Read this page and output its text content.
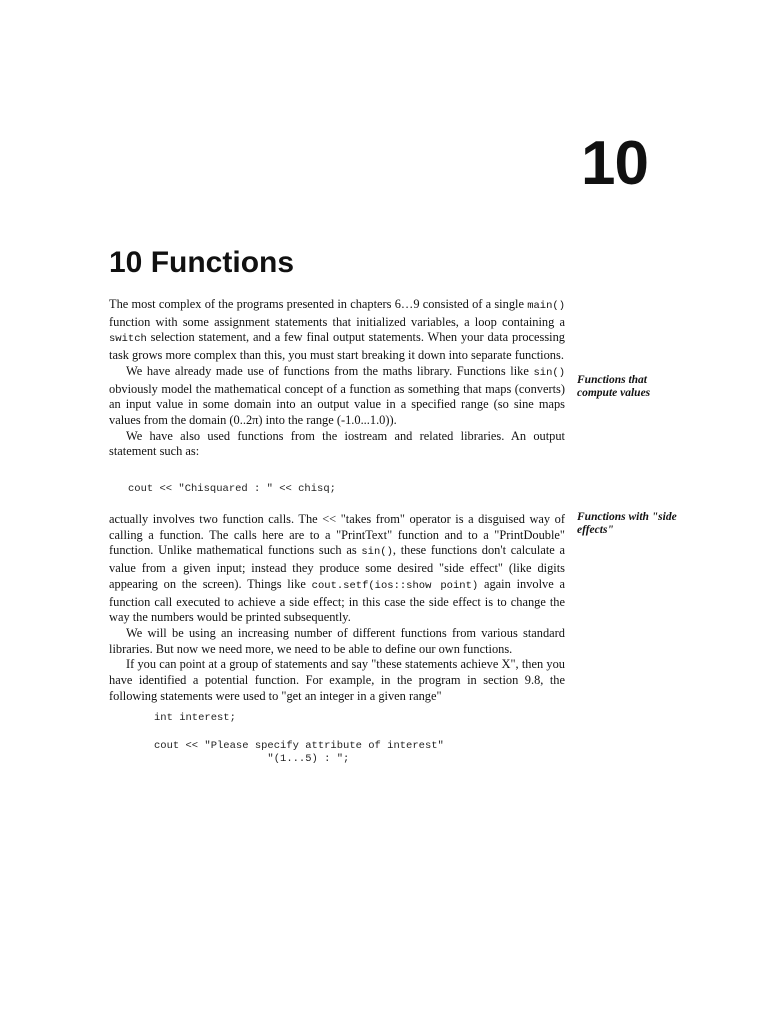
10
10 Functions

The most complex of the programs presented in chapters 6…9 consisted of a single main() function with some assignment statements that initialized variables, a loop containing a switch selection statement, and a few final output statements. When your data processing task grows more complex than this, you must start breaking it down into separate functions.

We have already made use of functions from the maths library. Functions like sin() obviously model the mathematical concept of a function as something that maps (converts) an input value in some domain into an output value in a specified range (so sine maps values from the domain (0..2π) into the range (-1.0...1.0)).

We have also used functions from the iostream and related libraries. An output statement such as:

Functions that compute values
cout << "Chisquared : " << chisq;

actually involves two function calls. The << "takes from" operator is a disguised way of calling a function. The calls here are to a "PrintText" function and to a "PrintDouble" function. Unlike mathematical functions such as sin(), these functions don't calculate a value from a given input; instead they produce some desired "side effect" (like digits appearing on the screen). Things like cout.setf(ios::show point) again involve a function call executed to achieve a side effect; in this case the side effect is to change the way the numbers would be printed subsequently.

We will be using an increasing number of different functions from various standard libraries. But now we need more, we need to be able to define our own functions.

If you can point at a group of statements and say "these statements achieve X", then you have identified a potential function. For example, in the program in section 9.8, the following statements were used to "get an integer in a given range"

Functions with "side effects"
int interest;

cout << "Please specify attribute of interest"
"(1...5) : ";
